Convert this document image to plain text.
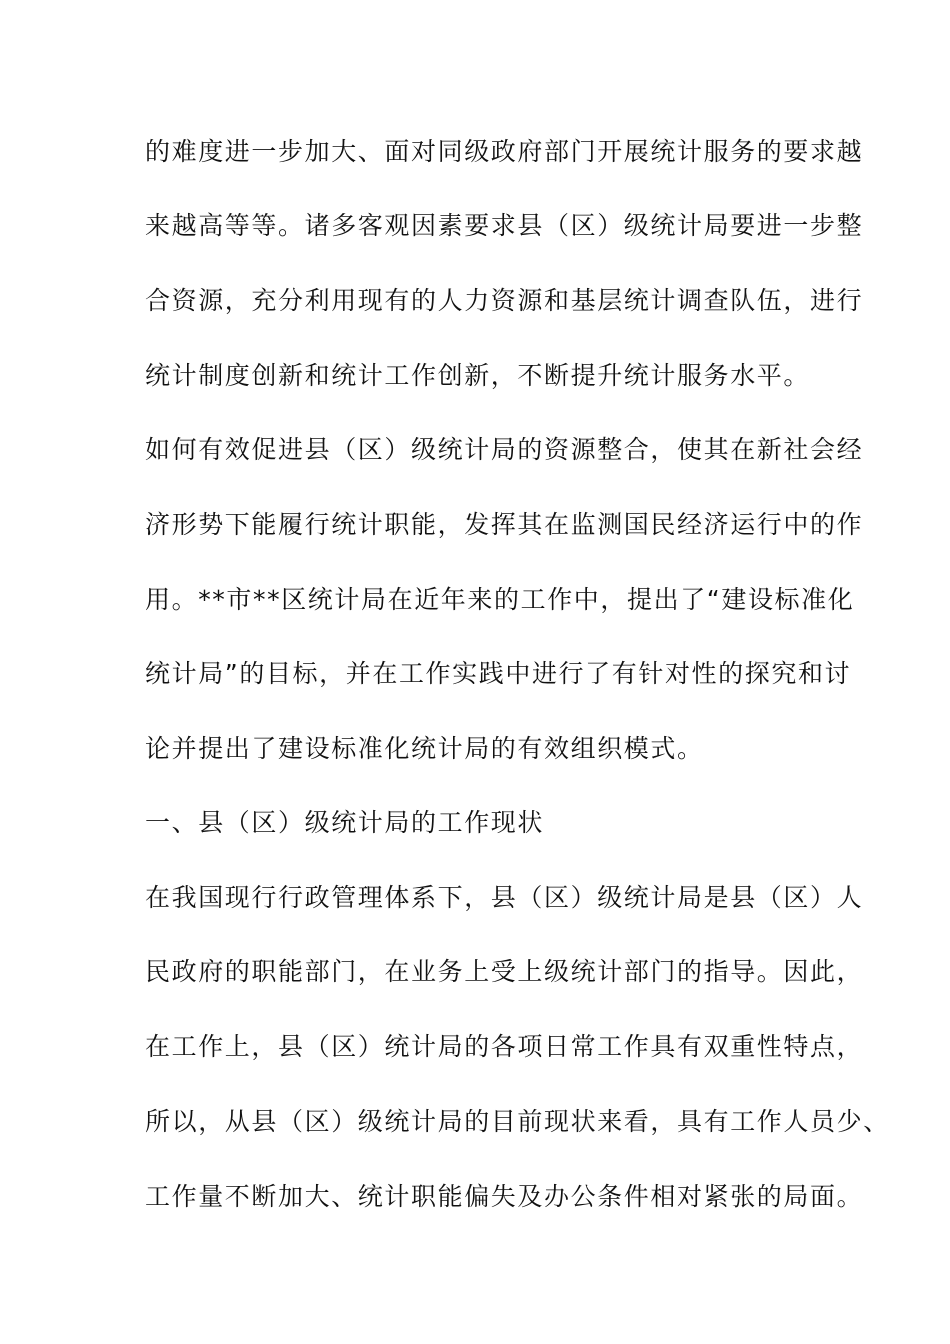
的难度进一步加大、面对同级政府部门开展统计服务的要求越
来越高等等。诸多客观因素要求县（区）级统计局要进一步整
合资源，充分利用现有的人力资源和基层统计调查队伍，进行
统计制度创新和统计工作创新，不断提升统计服务水平。
如何有效促进县（区）级统计局的资源整合，使其在新社会经
济形势下能履行统计职能，发挥其在监测国民经济运行中的作
用。**市**区统计局在近年来的工作中，提出了“建设标准化
统计局”的目标，并在工作实践中进行了有针对性的探究和讨
论并提出了建设标准化统计局的有效组织模式。
一、县（区）级统计局的工作现状
在我国现行行政管理体系下，县（区）级统计局是县（区）人
民政府的职能部门，在业务上受上级统计部门的指导。因此，
在工作上，县（区）统计局的各项日常工作具有双重性特点，
所以，从县（区）级统计局的目前现状来看，具有工作人员少、
工作量不断加大、统计职能偏失及办公条件相对紧张的局面。
